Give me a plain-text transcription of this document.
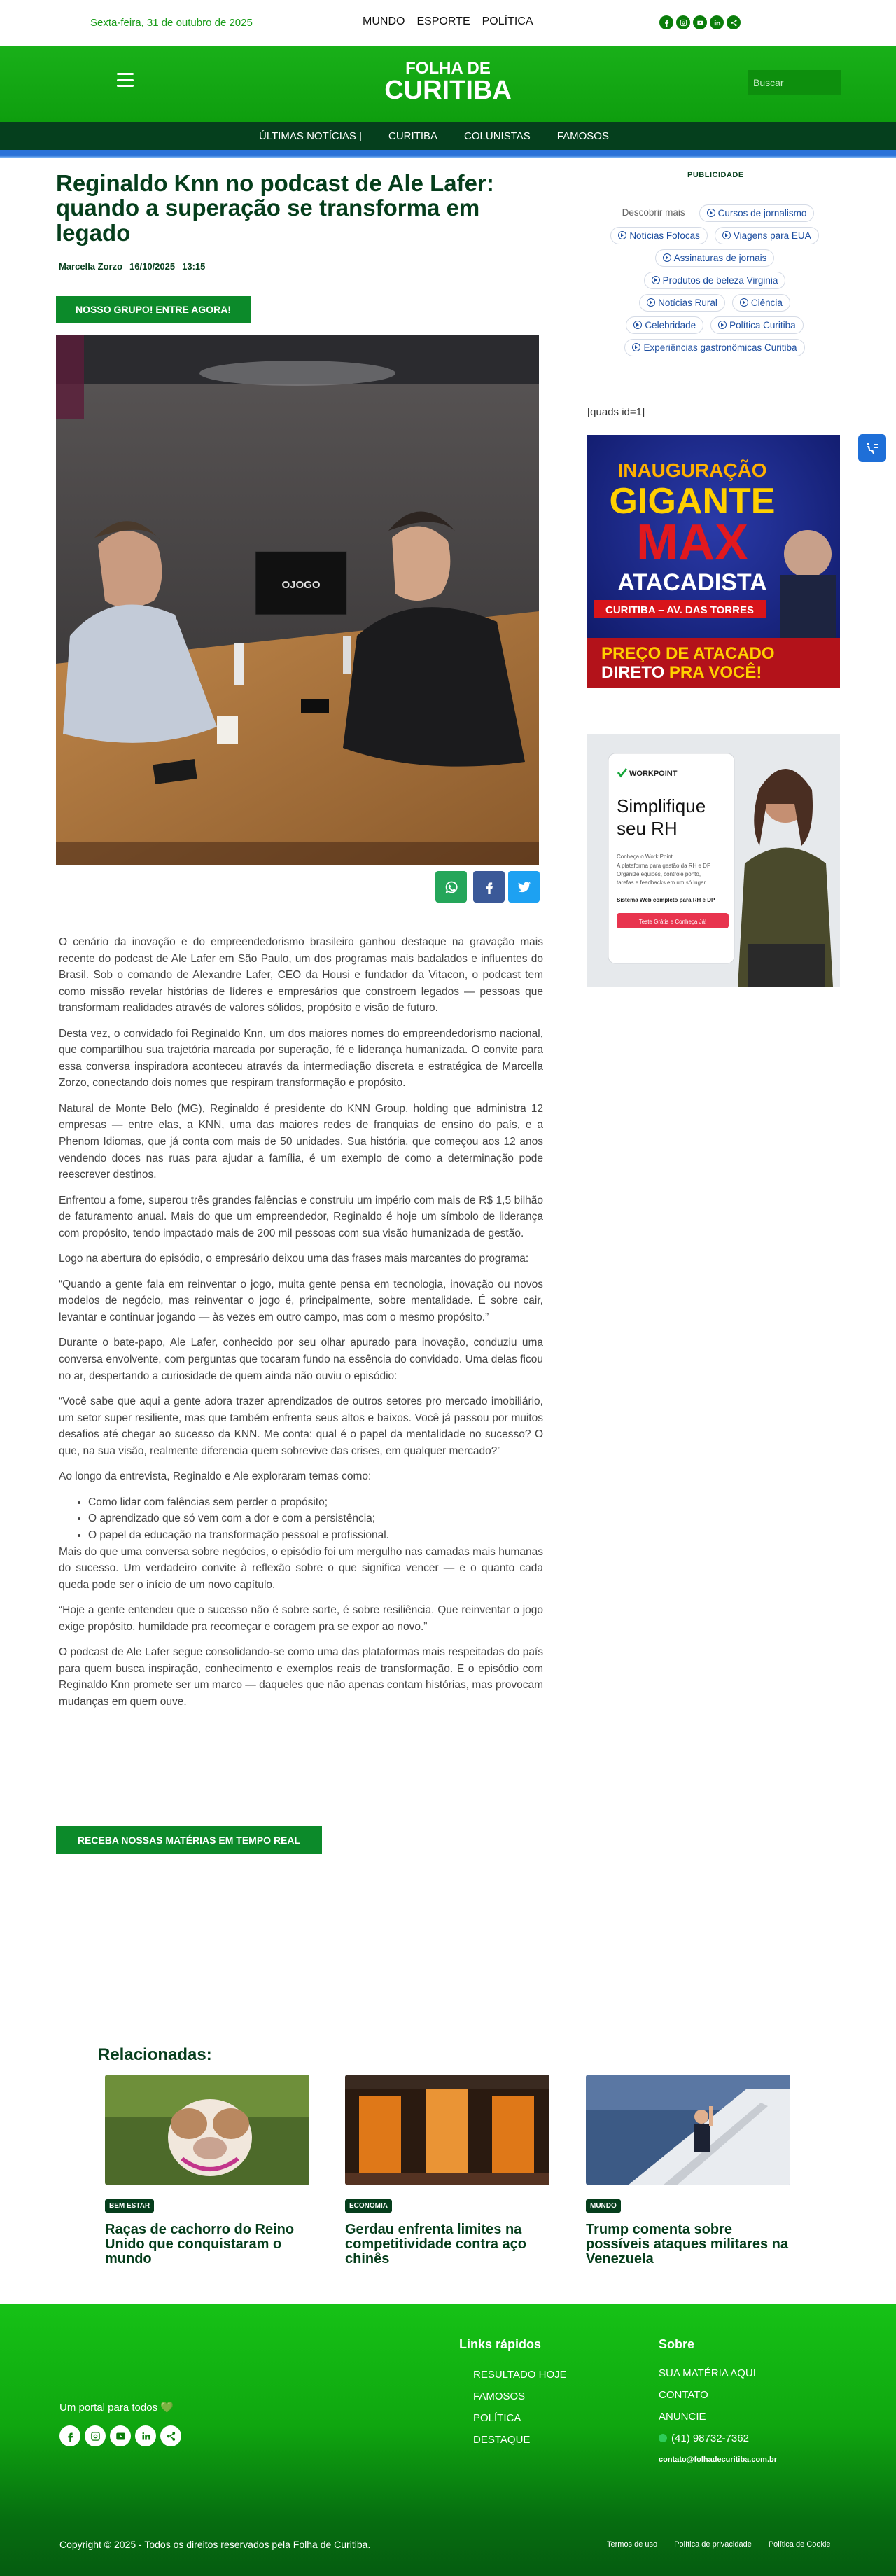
Sexta-feira, 31 de outubro de 2025	MUNDO ESPORTE POLÍTICA
FOLHA DE
CURITIBA
Buscar
ÚLTIMAS NOTÍCIAS |	CURITIBA	COLUNISTAS	FAMOSOS
Reginaldo Knn no podcast de Ale Lafer: quando a superação se transforma em legado
Marcella Zorzo 16/10/2025 13:15
NOSSO GRUPO! ENTRE AGORA!
OJOGO

O cenário da inovação e do empreendedorismo brasileiro ganhou destaque na gravação mais recente do podcast de Ale Lafer em São Paulo, um dos programas mais badalados e influentes do Brasil. Sob o comando de Alexandre Lafer, CEO da Housi e fundador da Vitacon, o podcast tem como missão revelar histórias de líderes e empresários que constroem legados — pessoas que transformam realidades através de valores sólidos, propósito e visão de futuro.

Desta vez, o convidado foi Reginaldo Knn, um dos maiores nomes do empreendedorismo nacional, que compartilhou sua trajetória marcada por superação, fé e liderança humanizada. O convite para essa conversa inspiradora aconteceu através da intermediação discreta e estratégica de Marcella Zorzo, conectando dois nomes que respiram transformação e propósito.

Natural de Monte Belo (MG), Reginaldo é presidente do KNN Group, holding que administra 12 empresas — entre elas, a KNN, uma das maiores redes de franquias de ensino do país, e a Phenom Idiomas, que já conta com mais de 50 unidades. Sua história, que começou aos 12 anos vendendo doces nas ruas para ajudar a família, é um exemplo de como a determinação pode reescrever destinos.

Enfrentou a fome, superou três grandes falências e construiu um império com mais de R$ 1,5 bilhão de faturamento anual. Mais do que um empreendedor, Reginaldo é hoje um símbolo de liderança com propósito, tendo impactado mais de 200 mil pessoas com sua visão humanizada de gestão.

Logo na abertura do episódio, o empresário deixou uma das frases mais marcantes do programa:

“Quando a gente fala em reinventar o jogo, muita gente pensa em tecnologia, inovação ou novos modelos de negócio, mas reinventar o jogo é, principalmente, sobre mentalidade. É sobre cair, levantar e continuar jogando — às vezes em outro campo, mas com o mesmo propósito.”

Durante o bate-papo, Ale Lafer, conhecido por seu olhar apurado para inovação, conduziu uma conversa envolvente, com perguntas que tocaram fundo na essência do convidado. Uma delas ficou no ar, despertando a curiosidade de quem ainda não ouviu o episódio:

“Você sabe que aqui a gente adora trazer aprendizados de outros setores pro mercado imobiliário, um setor super resiliente, mas que também enfrenta seus altos e baixos. Você já passou por muitos desafios até chegar ao sucesso da KNN. Me conta: qual é o papel da mentalidade no sucesso? O que, na sua visão, realmente diferencia quem sobrevive das crises, em qualquer mercado?”

Ao longo da entrevista, Reginaldo e Ale exploraram temas como:

• Como lidar com falências sem perder o propósito;
• O aprendizado que só vem com a dor e com a persistência;
• O papel da educação na transformação pessoal e profissional.

Mais do que uma conversa sobre negócios, o episódio foi um mergulho nas camadas mais humanas do sucesso. Um verdadeiro convite à reflexão sobre o que significa vencer — e o quanto cada queda pode ser o início de um novo capítulo.

“Hoje a gente entendeu que o sucesso não é sobre sorte, é sobre resiliência. Que reinventar o jogo exige propósito, humildade pra recomeçar e coragem pra se expor ao novo.”

O podcast de Ale Lafer segue consolidando-se como uma das plataformas mais respeitadas do país para quem busca inspiração, conhecimento e exemplos reais de transformação. E o episódio com Reginaldo Knn promete ser um marco — daqueles que não apenas contam histórias, mas provocam mudanças em quem ouve.

RECEBA NOSSAS MATÉRIAS EM TEMPO REAL
PUBLICIDADE
Descobrir mais	Cursos de jornalismo
Notícias Fofocas	Viagens para EUA
Assinaturas de jornais
Produtos de beleza Virginia
Notícias Rural	Ciência
Celebridade	Política Curitiba
Experiências gastronômicas Curitiba
[quads id=1]
INAUGURAÇÃO
GIGANTE
MAX
ATACADISTA
CURITIBA – AV. DAS TORRES
PREÇO DE ATACADO
DIRETO PRA VOCÊ!
WORKPOINT
Simplifique
seu RH
Conheça o Work Point
A plataforma para gestão da RH e DP
Organize equipes, controle ponto,
tarefas e feedbacks em um só lugar
Sistema Web completo para RH e DP
Teste Grátis e Conheça Já!
Relacionadas:
BEM ESTAR
Raças de cachorro do Reino Unido que conquistaram o mundo
ECONOMIA
Gerdau enfrenta limites na competitividade contra aço chinês
MUNDO
Trump comenta sobre possíveis ataques militares na Venezuela
Um portal para todos 💚
Links rápidos
RESULTADO HOJE
FAMOSOS
POLÍTICA
DESTAQUE
Sobre
SUA MATÉRIA AQUI
CONTATO
ANUNCIE
(41) 98732-7362
contato@folhadecuritiba.com.br
Copyright © 2025 - Todos os direitos reservados pela Folha de Curitiba.	Termos de uso Política de privacidade Política de Cookie
